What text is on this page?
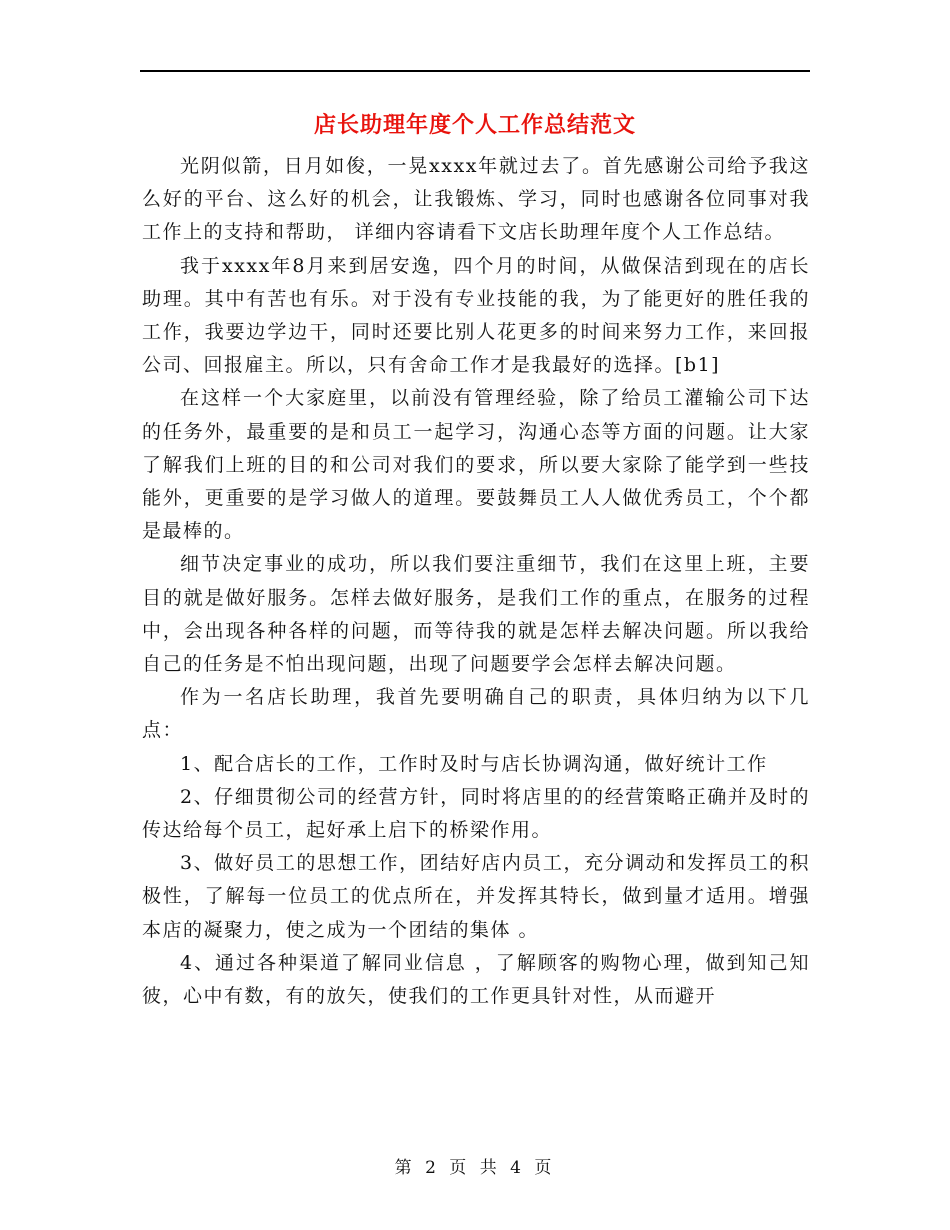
店长助理年度个人工作总结范文

光阴似箭，日月如俊，一晃xxxx年就过去了。首先感谢公司给予我这么好的平台、这么好的机会，让我锻炼、学习，同时也感谢各位同事对我工作上的支持和帮助， 详细内容请看下文店长助理年度个人工作总结。

我于xxxx年8月来到居安逸，四个月的时间，从做保洁到现在的店长助理。其中有苦也有乐。对于没有专业技能的我，为了能更好的胜任我的工作，我要边学边干，同时还要比别人花更多的时间来努力工作，来回报公司、回报雇主。所以，只有舍命工作才是我最好的选择。[b1]

在这样一个大家庭里，以前没有管理经验，除了给员工灌输公司下达的任务外，最重要的是和员工一起学习，沟通心态等方面的问题。让大家了解我们上班的目的和公司对我们的要求，所以要大家除了能学到一些技能外，更重要的是学习做人的道理。要鼓舞员工人人做优秀员工，个个都是最棒的。

细节决定事业的成功，所以我们要注重细节，我们在这里上班，主要目的就是做好服务。怎样去做好服务，是我们工作的重点，在服务的过程中，会出现各种各样的问题，而等待我的就是怎样去解决问题。所以我给自己的任务是不怕出现问题，出现了问题要学会怎样去解决问题。

作为一名店长助理，我首先要明确自己的职责，具体归纳为以下几点：

1、配合店长的工作，工作时及时与店长协调沟通，做好统计工作

2、仔细贯彻公司的经营方针，同时将店里的的经营策略正确并及时的传达给每个员工，起好承上启下的桥梁作用。

3、做好员工的思想工作，团结好店内员工，充分调动和发挥员工的积极性，了解每一位员工的优点所在，并发挥其特长，做到量才适用。增强本店的凝聚力，使之成为一个团结的集体 。

4、通过各种渠道了解同业信息 ，了解顾客的购物心理，做到知己知彼，心中有数，有的放矢，使我们的工作更具针对性，从而避开

第 2 页 共 4 页
